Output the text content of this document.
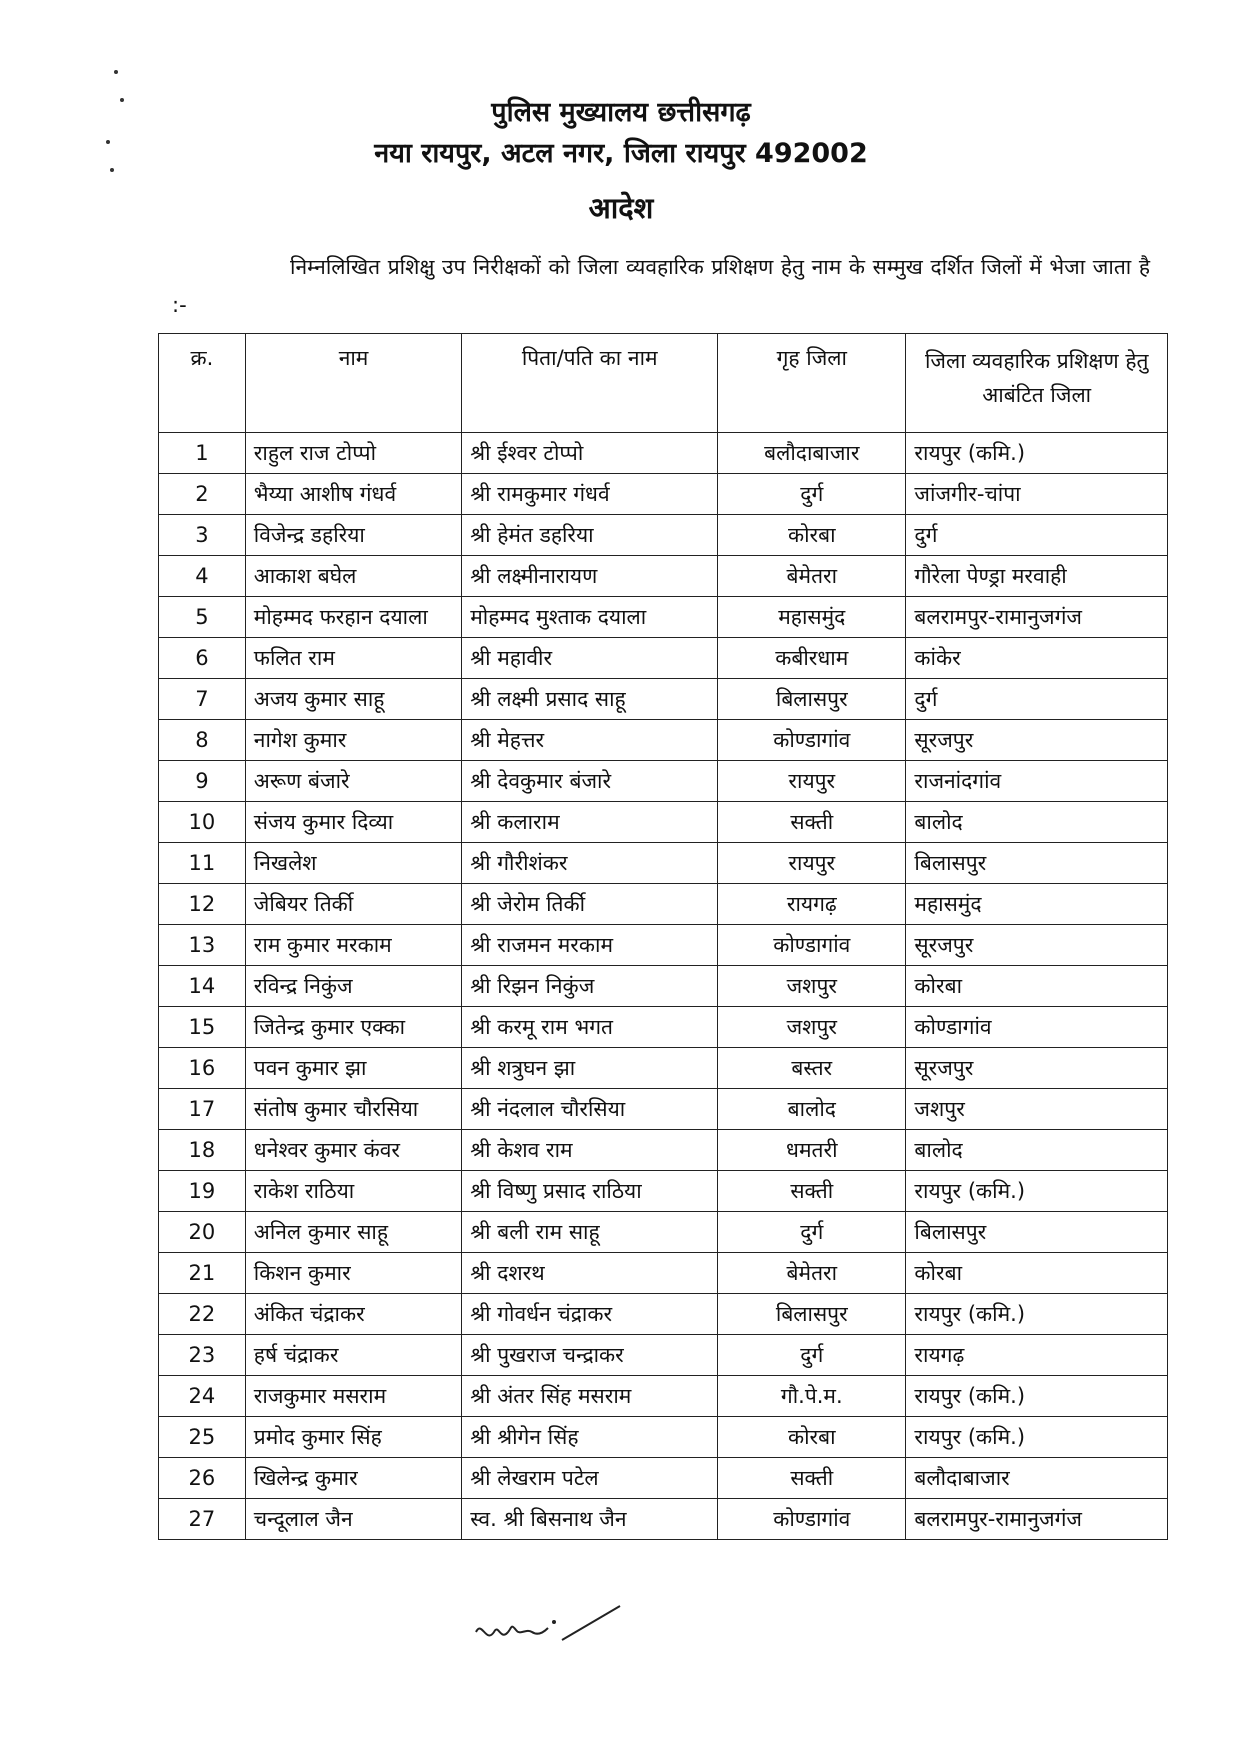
पुलिस मुख्यालय छत्तीसगढ़
नया रायपुर, अटल नगर, जिला रायपुर 492002
आदेश

निम्नलिखित प्रशिक्षु उप निरीक्षकों को जिला व्यवहारिक प्रशिक्षण हेतु नाम के सम्मुख दर्शित जिलों में भेजा जाता है :-

क्र.	नाम	पिता/पति का नाम	गृह जिला	जिला व्यवहारिक प्रशिक्षण हेतु आबंटित जिला
1	राहुल राज टोप्पो	श्री ईश्वर टोप्पो	बलौदाबाजार	रायपुर (कमि.)
2	भैय्या आशीष गंधर्व	श्री रामकुमार गंधर्व	दुर्ग	जांजगीर-चांपा
3	विजेन्द्र डहरिया	श्री हेमंत डहरिया	कोरबा	दुर्ग
4	आकाश बघेल	श्री लक्ष्मीनारायण	बेमेतरा	गौरेला पेण्ड्रा मरवाही
5	मोहम्मद फरहान दयाला	मोहम्मद मुश्ताक दयाला	महासमुंद	बलरामपुर-रामानुजगंज
6	फलित राम	श्री महावीर	कबीरधाम	कांकेर
7	अजय कुमार साहू	श्री लक्ष्मी प्रसाद साहू	बिलासपुर	दुर्ग
8	नागेश कुमार	श्री मेहत्तर	कोण्डागांव	सूरजपुर
9	अरूण बंजारे	श्री देवकुमार बंजारे	रायपुर	राजनांदगांव
10	संजय कुमार दिव्या	श्री कलाराम	सक्ती	बालोद
11	निखलेश	श्री गौरीशंकर	रायपुर	बिलासपुर
12	जेबियर तिर्की	श्री जेरोम तिर्की	रायगढ़	महासमुंद
13	राम कुमार मरकाम	श्री राजमन मरकाम	कोण्डागांव	सूरजपुर
14	रविन्द्र निकुंज	श्री रिझन निकुंज	जशपुर	कोरबा
15	जितेन्द्र कुमार एक्का	श्री करमू राम भगत	जशपुर	कोण्डागांव
16	पवन कुमार झा	श्री शत्रुघन झा	बस्तर	सूरजपुर
17	संतोष कुमार चौरसिया	श्री नंदलाल चौरसिया	बालोद	जशपुर
18	धनेश्वर कुमार कंवर	श्री केशव राम	धमतरी	बालोद
19	राकेश राठिया	श्री विष्णु प्रसाद राठिया	सक्ती	रायपुर (कमि.)
20	अनिल कुमार साहू	श्री बली राम साहू	दुर्ग	बिलासपुर
21	किशन कुमार	श्री दशरथ	बेमेतरा	कोरबा
22	अंकित चंद्राकर	श्री गोवर्धन चंद्राकर	बिलासपुर	रायपुर (कमि.)
23	हर्ष चंद्राकर	श्री पुखराज चन्द्राकर	दुर्ग	रायगढ़
24	राजकुमार मसराम	श्री अंतर सिंह मसराम	गौ.पे.म.	रायपुर (कमि.)
25	प्रमोद कुमार सिंह	श्री श्रीगेन सिंह	कोरबा	रायपुर (कमि.)
26	खिलेन्द्र कुमार	श्री लेखराम पटेल	सक्ती	बलौदाबाजार
27	चन्दूलाल जैन	स्व. श्री बिसनाथ जैन	कोण्डागांव	बलरामपुर-रामानुजगंज
